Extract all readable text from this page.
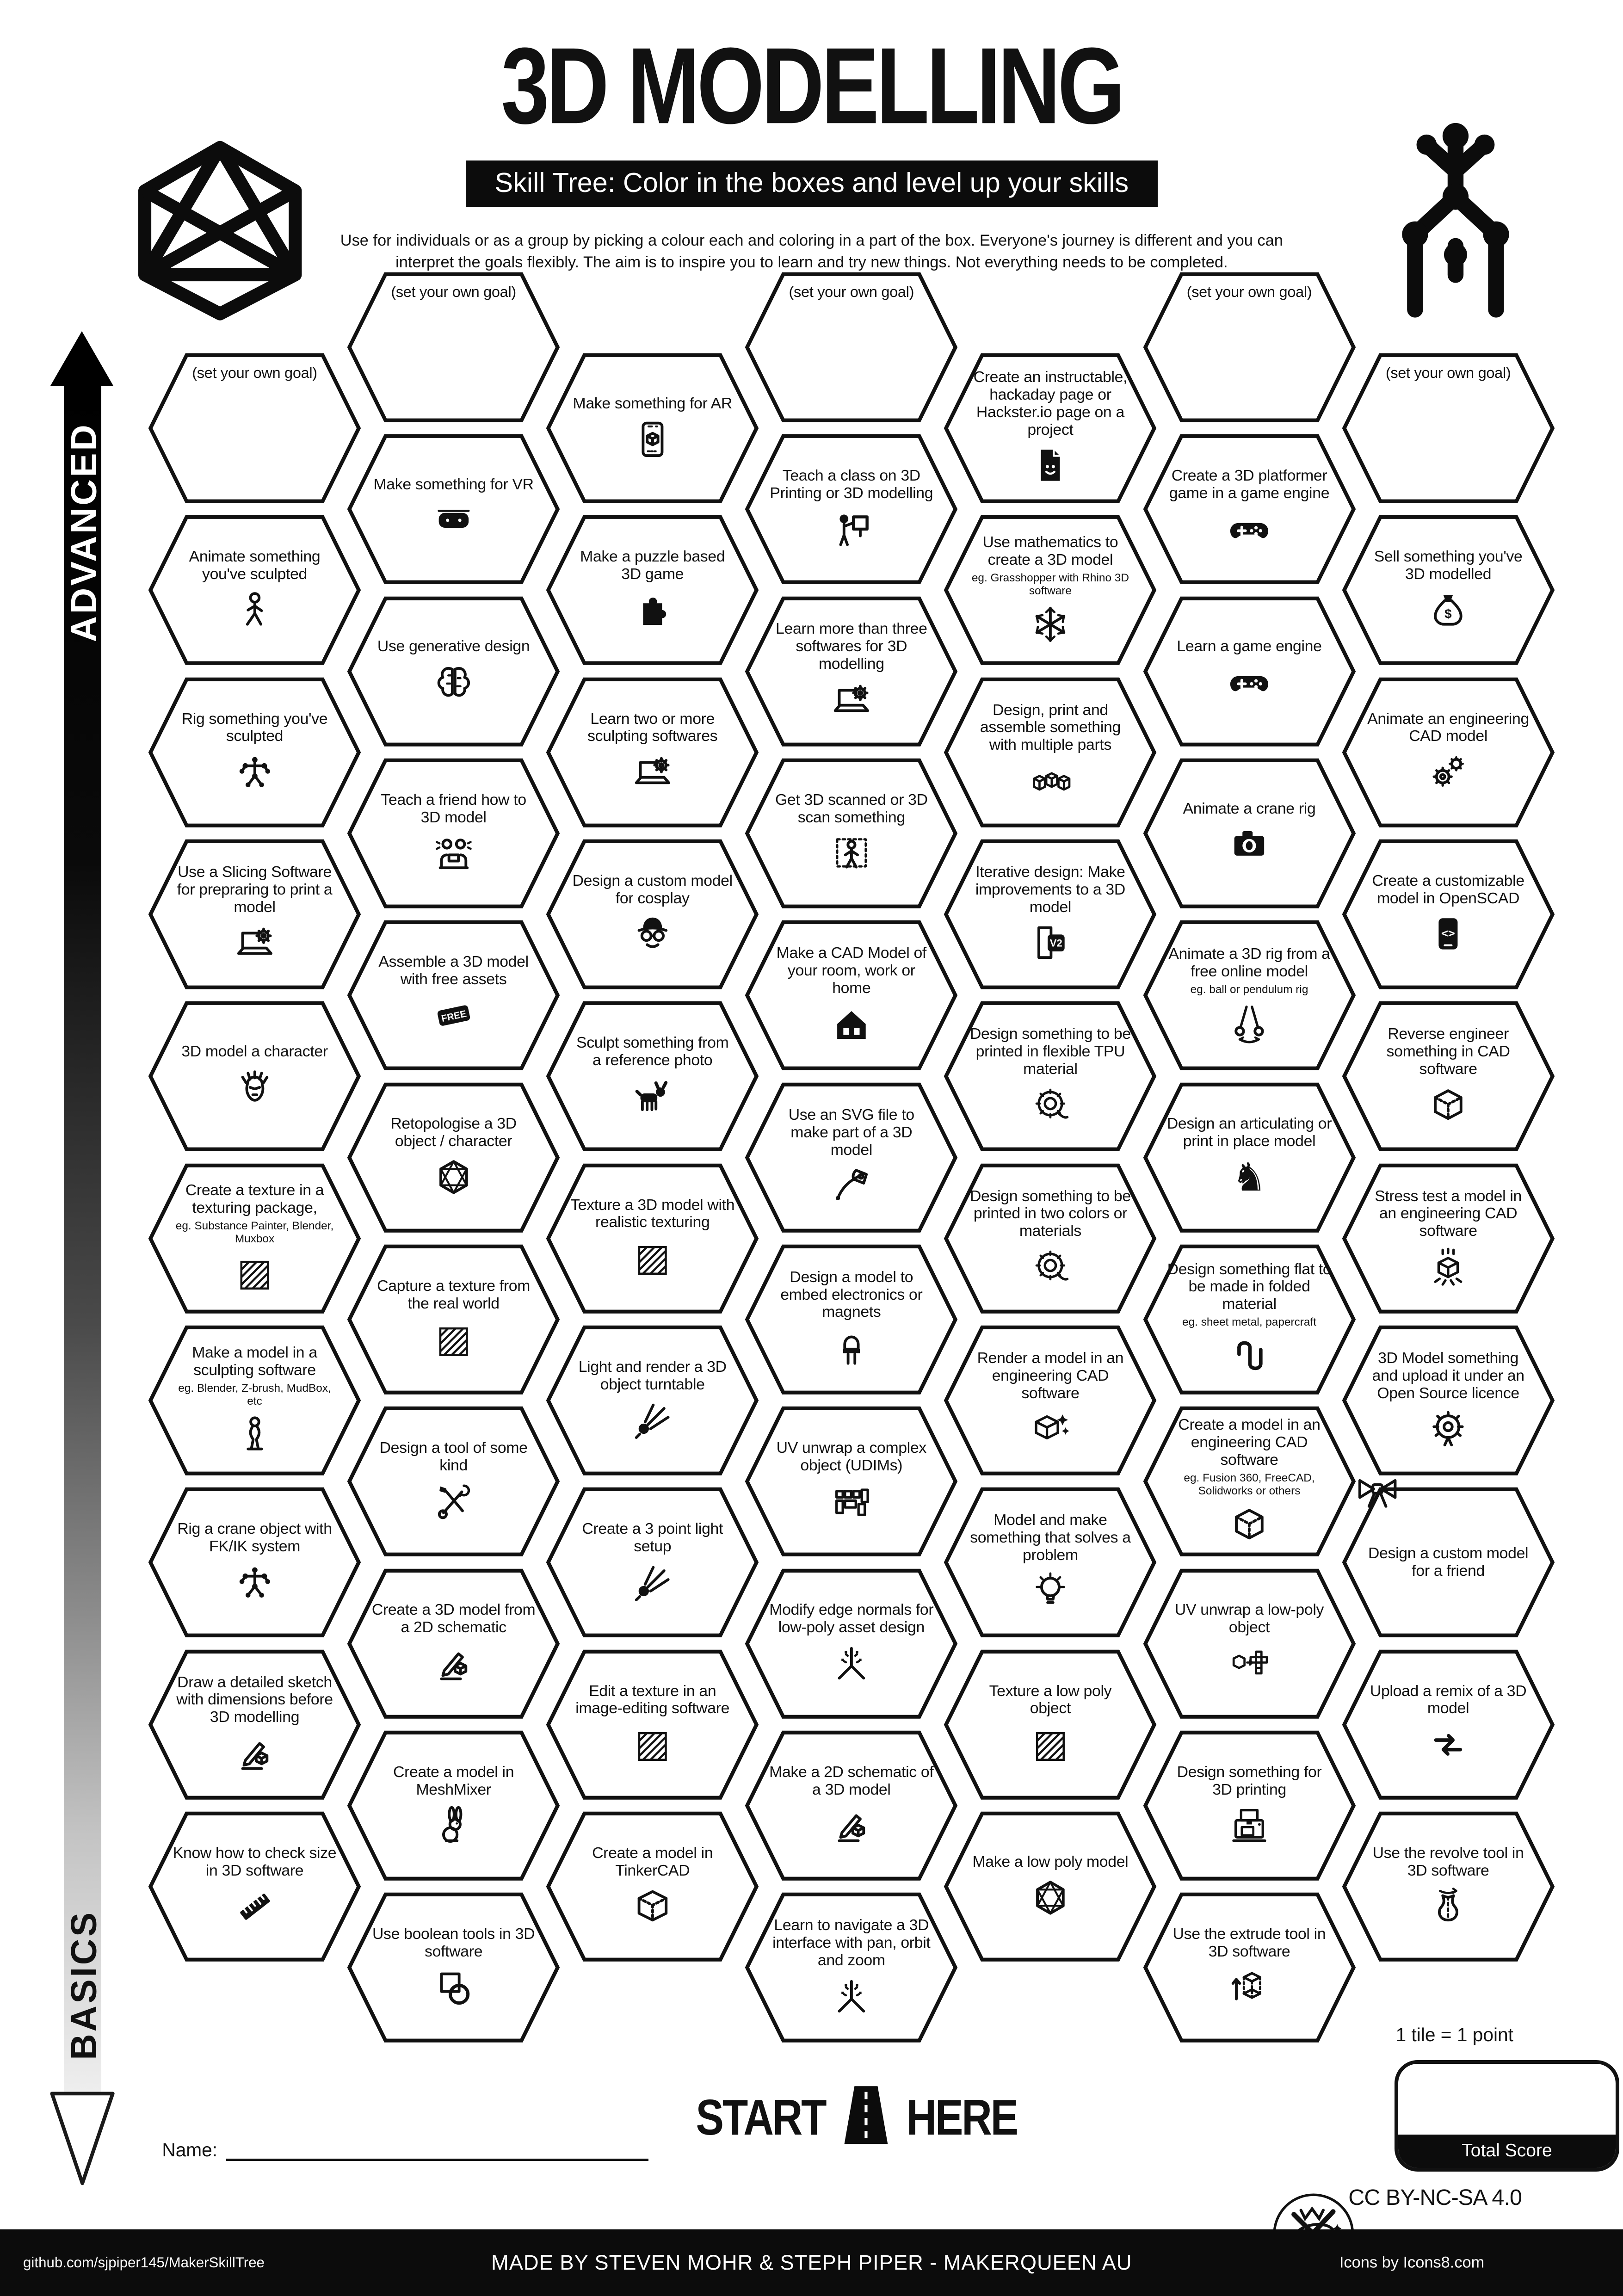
3D MODELLING
Skill Tree: Color in the boxes and level up your skills
Use for individuals or as a group by picking a colour each and coloring in a part of the box. Everyone's journey is different and you can
interpret the goals flexibly. The aim is to inspire you to learn and try new things. Not everything needs to be completed.
ADVANCED
BASICS
(set your own goal)
Animate something you've sculpted
Rig something you've sculpted
Use a Slicing Software for prepraring to print a model
3D model a character
Create a texture in a texturing package,
eg. Substance Painter, Blender, Muxbox
▨
Make a model in a sculpting software
eg. Blender, Z-brush, MudBox, etc
Rig a crane object with FK/IK system
Draw a detailed sketch with dimensions before 3D modelling
Know how to check size in 3D software
(set your own goal)
Make something for VR
Use generative design
Teach a friend how to 3D model
Assemble a 3D model with free assets
FREE
Retopologise a 3D object / character
Capture a texture from the real world
▨
Design a tool of some kind
Create a 3D model from a 2D schematic
Create a model in MeshMixer
Use boolean tools in 3D software
Make something for AR
Make a puzzle based 3D game
Learn two or more sculpting softwares
Design a custom model for cosplay
Sculpt something from a reference photo
Texture a 3D model with realistic texturing
▨
Light and render a 3D object turntable
Create a 3 point light setup
Edit a texture in an image-editing software
▨
Create a model in TinkerCAD
(set your own goal)
Teach a class on 3D Printing or 3D modelling
Learn more than three softwares for 3D modelling
Get 3D scanned or 3D scan something
Make a CAD Model of your room, work or home
Use an SVG file to make part of a 3D model
Design a model to embed electronics or magnets
UV unwrap a complex object (UDIMs)
Modify edge normals for low-poly asset design
Make a 2D schematic of a 3D model
Learn to navigate a 3D interface with pan, orbit and zoom
Create an instructable, hackaday page or Hackster.io page on a project
Use mathematics to create a 3D model
eg. Grasshopper with Rhino 3D software
Design, print and assemble something with multiple parts
Iterative design: Make improvements to a 3D model
V2
Design something to be printed in flexible TPU material
Design something to be printed in two colors or materials
Render a model in an engineering CAD software
Model and make something that solves a problem
Texture a low poly object
▨
Make a low poly model
(set your own goal)
Create a 3D platformer game in a game engine
Learn a game engine
Animate a crane rig
Animate a 3D rig from a free online model
eg. ball or pendulum rig
Design an articulating or print in place model
♞
Design something flat to be made in folded material
eg. sheet metal, papercraft
Create a model in an engineering CAD software
eg. Fusion 360, FreeCAD, Solidworks or others
UV unwrap a low-poly object
Design something for 3D printing
Use the extrude tool in 3D software
(set your own goal)
Sell something you've 3D modelled
$
Animate an engineering CAD model
Create a customizable model in OpenSCAD
<>
Reverse engineer something in CAD software
Stress test a model in an engineering CAD software
3D Model something and upload it under an Open Source licence
Design a custom model for a friend
Upload a remix of a 3D model
Use the revolve tool in 3D software
START	HERE
Name:
1 tile = 1 point
Total Score
CC BY-NC-SA 4.0
github.com/sjpiper145/MakerSkillTree	MADE BY STEVEN MOHR & STEPH PIPER - MAKERQUEEN AU	Icons by Icons8.com
